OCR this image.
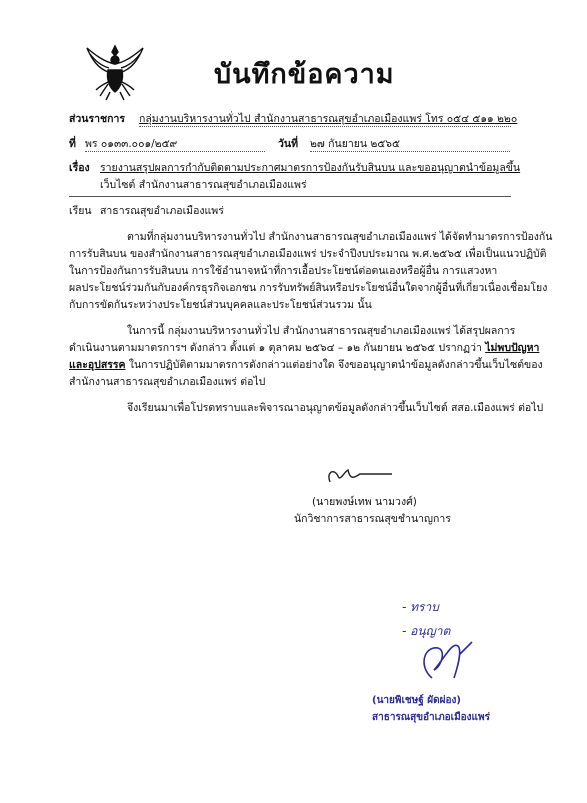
บันทึกข้อความ
ส่วนราชการ กลุ่มงานบริหารงานทั่วไป สำนักงานสาธารณสุขอำเภอเมืองแพร่ โทร ๐๕๔ ๕๑๑ ๒๒๐
ที่ พร ๐๑๓๓.๐๐๑/๒๕๙	วันที่ ๒๗ กันยายน ๒๕๖๕
เรื่อง รายงานสรุปผลการกำกับติดตามประกาศมาตรการป้องกันรับสินบน และขออนุญาตนำข้อมูลขึ้น
เว็บไซต์ สำนักงานสาธารณสุขอำเภอเมืองแพร่
เรียน สาธารณสุขอำเภอเมืองแพร่
ตามที่กลุ่มงานบริหารงานทั่วไป สำนักงานสาธารณสุขอำเภอเมืองแพร่ ได้จัดทำมาตรการป้องกัน
การรับสินบน ของสำนักงานสาธารณสุขอำเภอเมืองแพร่ ประจำปีงบประมาณ พ.ศ.๒๕๖๕ เพื่อเป็นแนวปฏิบัติ
ในการป้องกันการรับสินบน การใช้อำนาจหน้าที่การเอื้อประโยชน์ต่อตนเองหรือผู้อื่น การแสวงหา
ผลประโยชน์ร่วมกันกับองค์กรธุรกิจเอกชน การรับทรัพย์สินหรือประโยชน์อื่นใดจากผู้อื่นที่เกี่ยวเนื่องเชื่อมโยง
กับการขัดกันระหว่างประโยชน์ส่วนบุคคลและประโยชน์ส่วนรวม นั้น
ในการนี้ กลุ่มงานบริหารงานทั่วไป สำนักงานสาธารณสุขอำเภอเมืองแพร่ ได้สรุปผลการ
ดำเนินงานตามมาตรการฯ ดังกล่าว ตั้งแต่ ๑ ตุลาคม ๒๕๖๔ – ๑๒ กันยายน ๒๕๖๕ ปรากฏว่า ไม่พบปัญหา
และอุปสรรค ในการปฏิบัติตามมาตรการดังกล่าวแต่อย่างใด จึงขออนุญาตนำข้อมูลดังกล่าวขึ้นเว็บไซต์ของ
สำนักงานสาธารณสุขอำเภอเมืองแพร่ ต่อไป
จึงเรียนมาเพื่อโปรดทราบและพิจารณาอนุญาตข้อมูลดังกล่าวขึ้นเว็บไซต์ สสอ.เมืองแพร่ ต่อไป
(นายพงษ์เทพ นามวงศ์)
นักวิชาการสาธารณสุขชำนาญการ
- ทราบ
- อนุญาต
(นายพิเชษฐ์ ผัดผ่อง)
สาธารณสุขอำเภอเมืองแพร่
